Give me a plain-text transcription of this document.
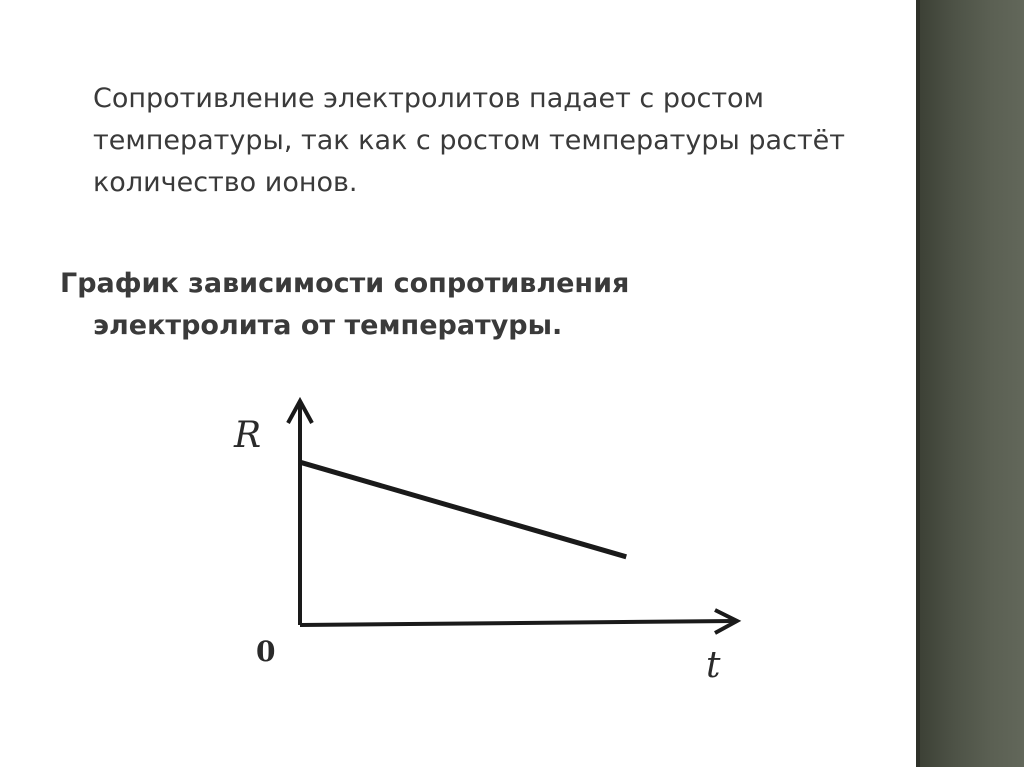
Сопротивление электролитов падает с ростом температуры, так как с ростом температуры растёт количество ионов.

График зависимости сопротивления
электролита от температуры.
R
0	t
